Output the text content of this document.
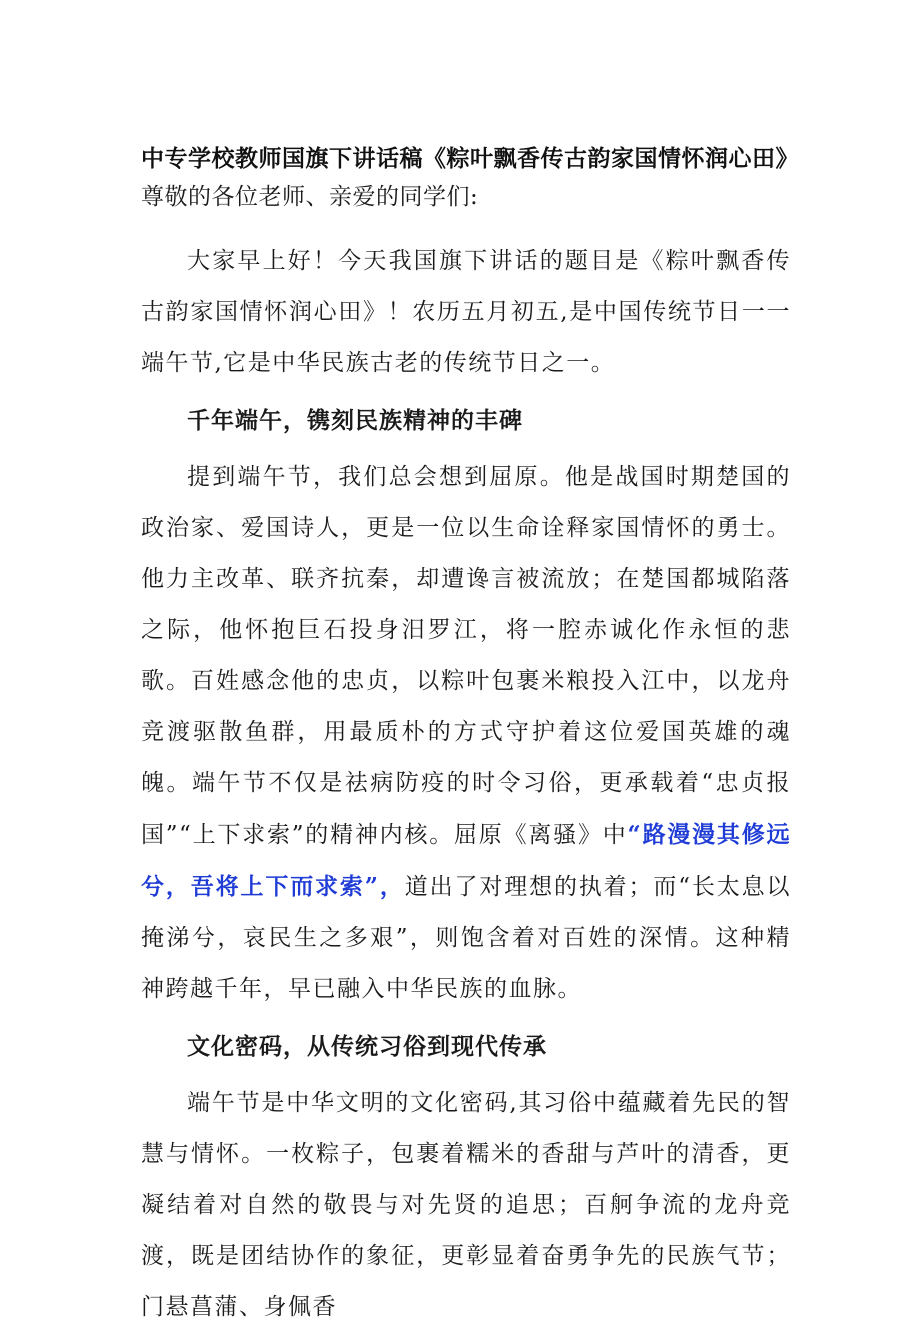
中专学校教师国旗下讲话稿《粽叶飘香传古韵家国情怀润心田》尊敬的各位老师、亲爱的同学们:

大家早上好！今天我国旗下讲话的题目是《粽叶飘香传古韵家国情怀润心田》！农历五月初五,是中国传统节日一一端午节,它是中华民族古老的传统节日之一。

千年端午，镌刻民族精神的丰碑

提到端午节，我们总会想到屈原。他是战国时期楚国的政治家、爱国诗人，更是一位以生命诠释家国情怀的勇士。他力主改革、联齐抗秦，却遭谗言被流放；在楚国都城陷落之际，他怀抱巨石投身汨罗江，将一腔赤诚化作永恒的悲歌。百姓感念他的忠贞，以粽叶包裹米粮投入江中，以龙舟竞渡驱散鱼群，用最质朴的方式守护着这位爱国英雄的魂魄。端午节不仅是祛病防疫的时令习俗，更承载着“忠贞报国”“上下求索”的精神内核。屈原《离骚》中“路漫漫其修远兮，吾将上下而求索”，道出了对理想的执着；而“长太息以掩涕兮，哀民生之多艰”，则饱含着对百姓的深情。这种精神跨越千年，早已融入中华民族的血脉。

文化密码，从传统习俗到现代传承

端午节是中华文明的文化密码,其习俗中蕴藏着先民的智慧与情怀。一枚粽子，包裹着糯米的香甜与芦叶的清香，更凝结着对自然的敬畏与对先贤的追思；百舸争流的龙舟竞渡，既是团结协作的象征，更彰显着奋勇争先的民族气节；门悬菖蒲、身佩香
